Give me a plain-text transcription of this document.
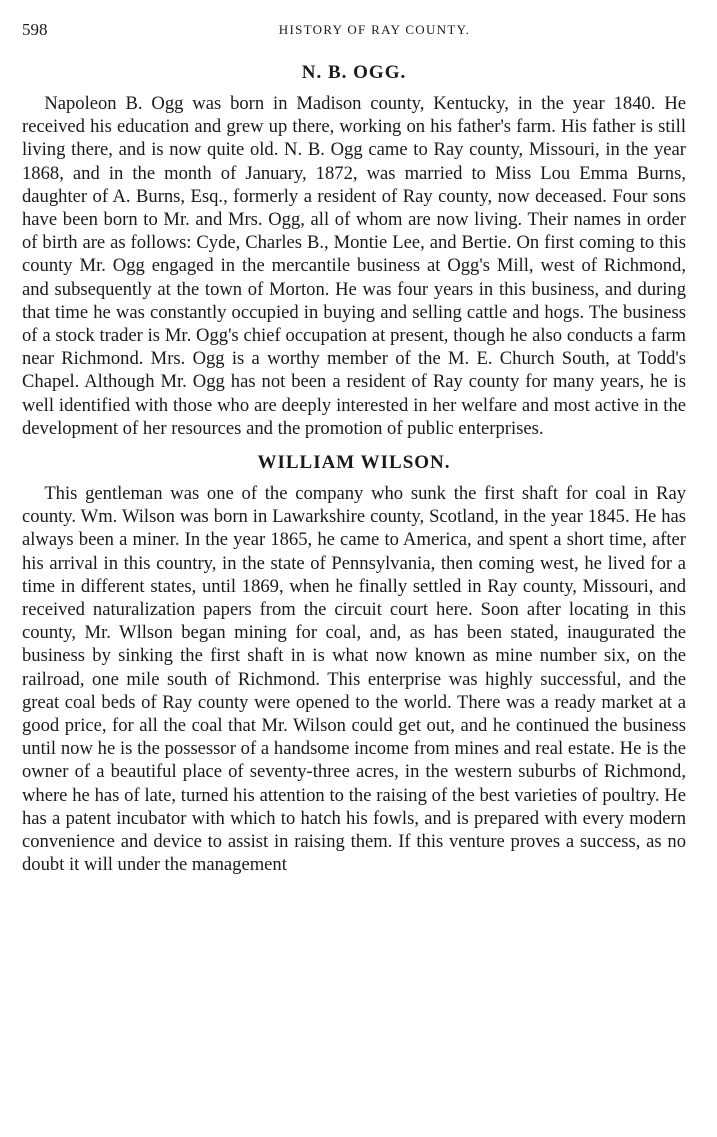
598	HISTORY OF RAY COUNTY.
N. B. OGG.

Napoleon B. Ogg was born in Madison county, Kentucky, in the year 1840. He received his education and grew up there, working on his father's farm. His father is still living there, and is now quite old. N. B. Ogg came to Ray county, Missouri, in the year 1868, and in the month of January, 1872, was married to Miss Lou Emma Burns, daughter of A. Burns, Esq., formerly a resident of Ray county, now deceased. Four sons have been born to Mr. and Mrs. Ogg, all of whom are now living. Their names in order of birth are as follows: Cyde, Charles B., Montie Lee, and Bertie. On first coming to this county Mr. Ogg engaged in the mercantile business at Ogg's Mill, west of Richmond, and subsequently at the town of Morton. He was four years in this business, and during that time he was constantly occupied in buying and selling cattle and hogs. The business of a stock trader is Mr. Ogg's chief occupation at present, though he also conducts a farm near Richmond. Mrs. Ogg is a worthy member of the M. E. Church South, at Todd's Chapel. Although Mr. Ogg has not been a resident of Ray county for many years, he is well identified with those who are deeply interested in her welfare and most active in the development of her resources and the promotion of public enterprises.

WILLIAM WILSON.

This gentleman was one of the company who sunk the first shaft for coal in Ray county. Wm. Wilson was born in Lawarkshire county, Scotland, in the year 1845. He has always been a miner. In the year 1865, he came to America, and spent a short time, after his arrival in this country, in the state of Pennsylvania, then coming west, he lived for a time in different states, until 1869, when he finally settled in Ray county, Missouri, and received naturalization papers from the circuit court here. Soon after locating in this county, Mr. Wllson began mining for coal, and, as has been stated, inaugurated the business by sinking the first shaft in is what now known as mine number six, on the railroad, one mile south of Richmond. This enterprise was highly successful, and the great coal beds of Ray county were opened to the world. There was a ready market at a good price, for all the coal that Mr. Wilson could get out, and he continued the business until now he is the possessor of a handsome income from mines and real estate. He is the owner of a beautiful place of seventy-three acres, in the western suburbs of Richmond, where he has of late, turned his attention to the raising of the best varieties of poultry. He has a patent incubator with which to hatch his fowls, and is prepared with every modern convenience and device to assist in raising them. If this venture proves a success, as no doubt it will under the management
